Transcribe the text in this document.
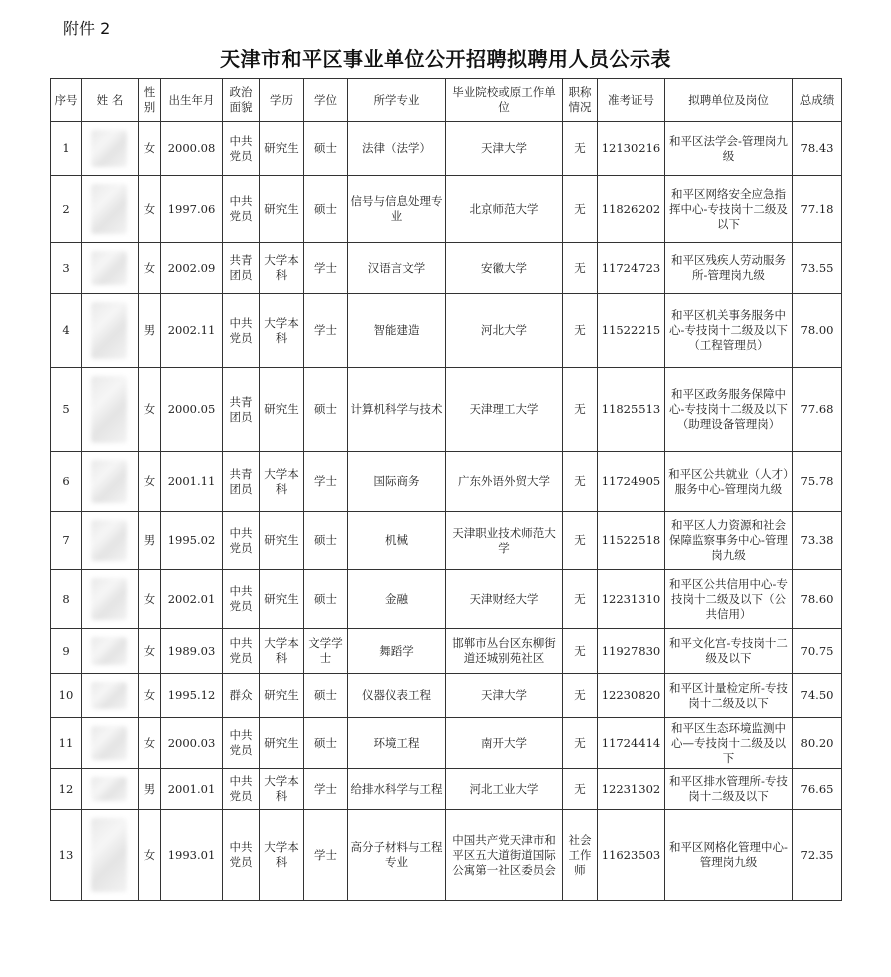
附件 2
天津市和平区事业单位公开招聘拟聘用人员公示表
序号	姓 名	性别	出生年月	政治面貌	学历	学位	所学专业	毕业院校或原工作单位	职称情况	准考证号	拟聘单位及岗位	总成绩
1		女	2000.08	中共党员	研究生	硕士	法律（法学）	天津大学	无	12130216	和平区法学会-管理岗九级	78.43
2		女	1997.06	中共党员	研究生	硕士	信号与信息处理专业	北京师范大学	无	11826202	和平区网络安全应急指挥中心-专技岗十二级及以下	77.18
3		女	2002.09	共青团员	大学本科	学士	汉语言文学	安徽大学	无	11724723	和平区残疾人劳动服务所-管理岗九级	73.55
4		男	2002.11	中共党员	大学本科	学士	智能建造	河北大学	无	11522215	和平区机关事务服务中心-专技岗十二级及以下（工程管理员）	78.00
5		女	2000.05	共青团员	研究生	硕士	计算机科学与技术	天津理工大学	无	11825513	和平区政务服务保障中心-专技岗十二级及以下（助理设备管理岗）	77.68
6		女	2001.11	共青团员	大学本科	学士	国际商务	广东外语外贸大学	无	11724905	和平区公共就业（人才）服务中心-管理岗九级	75.78
7		男	1995.02	中共党员	研究生	硕士	机械	天津职业技术师范大学	无	11522518	和平区人力资源和社会保障监察事务中心-管理岗九级	73.38
8		女	2002.01	中共党员	研究生	硕士	金融	天津财经大学	无	12231310	和平区公共信用中心-专技岗十二级及以下（公共信用）	78.60
9		女	1989.03	中共党员	大学本科	文学学士	舞蹈学	邯郸市丛台区东柳街道还城别苑社区	无	11927830	和平文化宫-专技岗十二级及以下	70.75
10		女	1995.12	群众	研究生	硕士	仪器仪表工程	天津大学	无	12230820	和平区计量检定所-专技岗十二级及以下	74.50
11		女	2000.03	中共党员	研究生	硕士	环境工程	南开大学	无	11724414	和平区生态环境监测中心—专技岗十二级及以下	80.20
12		男	2001.01	中共党员	大学本科	学士	给排水科学与工程	河北工业大学	无	12231302	和平区排水管理所-专技岗十二级及以下	76.65
13		女	1993.01	中共党员	大学本科	学士	高分子材料与工程专业	中国共产党天津市和平区五大道街道国际公寓第一社区委员会	社会工作师	11623503	和平区网格化管理中心-管理岗九级	72.35
